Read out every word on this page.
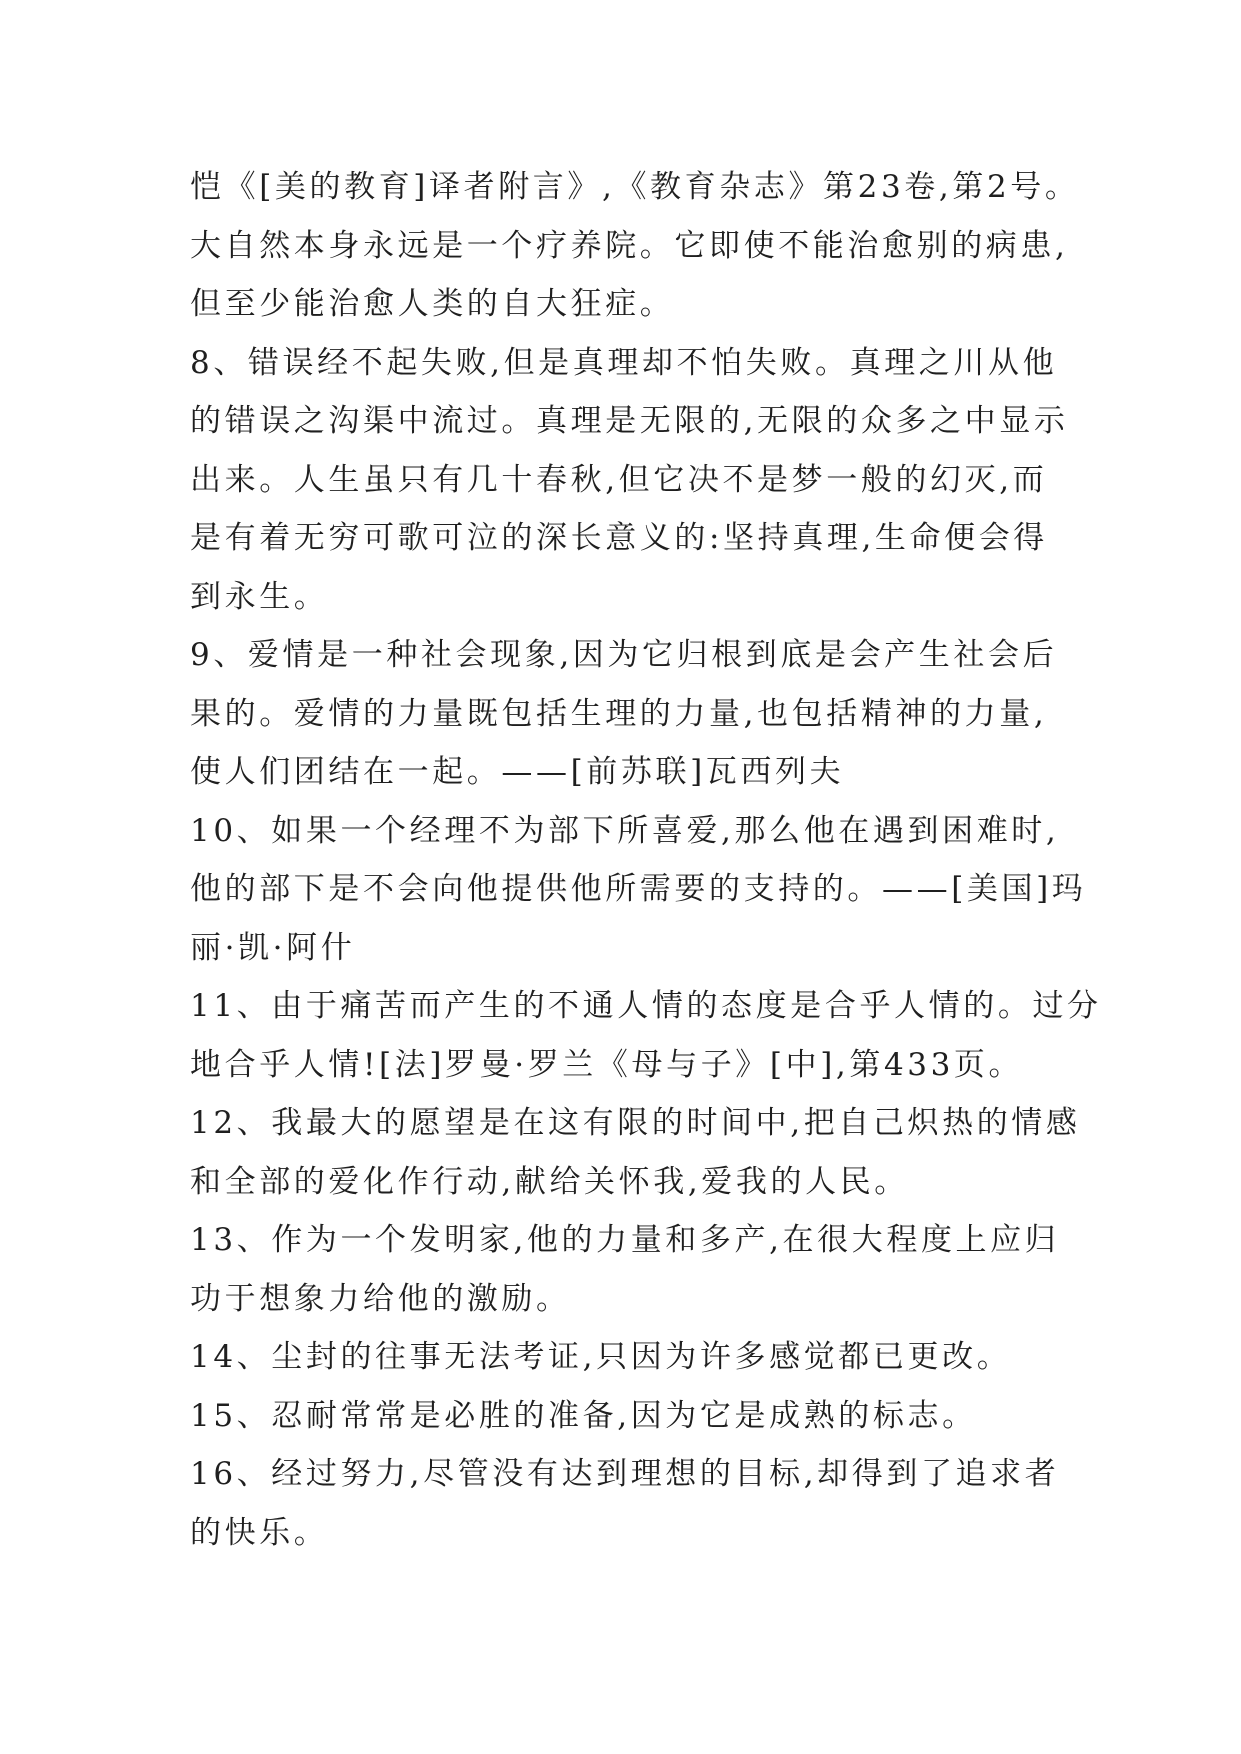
恺《[美的教育]译者附言》,《教育杂志》第23卷,第2号。
大自然本身永远是一个疗养院。它即使不能治愈别的病患,
但至少能治愈人类的自大狂症。
8、错误经不起失败,但是真理却不怕失败。真理之川从他
的错误之沟渠中流过。真理是无限的,无限的众多之中显示
出来。人生虽只有几十春秋,但它决不是梦一般的幻灭,而
是有着无穷可歌可泣的深长意义的:坚持真理,生命便会得
到永生。
9、爱情是一种社会现象,因为它归根到底是会产生社会后
果的。爱情的力量既包括生理的力量,也包括精神的力量,
使人们团结在一起。——[前苏联]瓦西列夫
10、如果一个经理不为部下所喜爱,那么他在遇到困难时,
他的部下是不会向他提供他所需要的支持的。——[美国]玛
丽·凯·阿什
11、由于痛苦而产生的不通人情的态度是合乎人情的。过分
地合乎人情![法]罗曼·罗兰《母与子》[中],第433页。
12、我最大的愿望是在这有限的时间中,把自己炽热的情感
和全部的爱化作行动,献给关怀我,爱我的人民。
13、作为一个发明家,他的力量和多产,在很大程度上应归
功于想象力给他的激励。
14、尘封的往事无法考证,只因为许多感觉都已更改。
15、忍耐常常是必胜的准备,因为它是成熟的标志。
16、经过努力,尽管没有达到理想的目标,却得到了追求者
的快乐。
